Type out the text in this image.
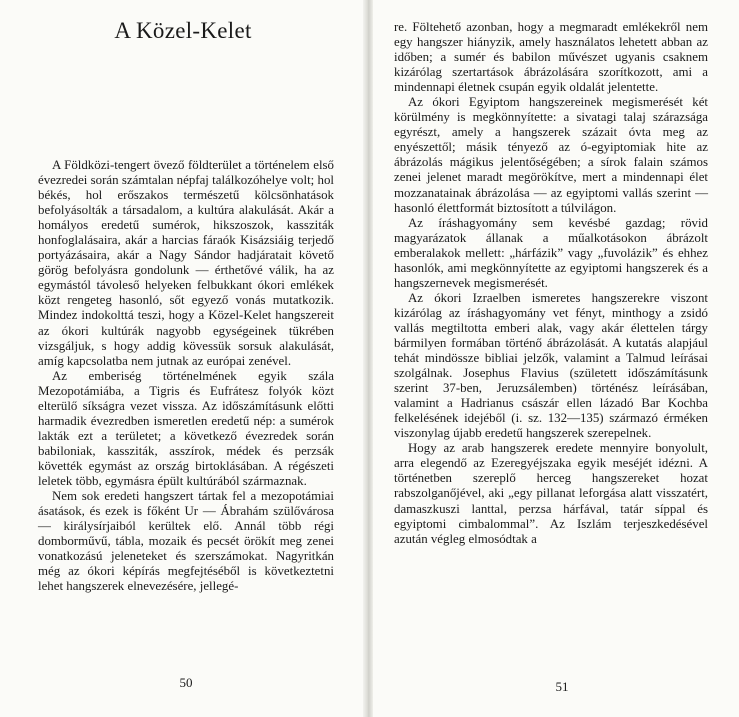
A Közel-Kelet

A Földközi-tengert övező földterület a történelem első évezredei során számtalan népfaj találkozóhelye volt; hol békés, hol erőszakos természetű kölcsönhatások befolyásolták a társadalom, a kultúra alakulását. Akár a homályos eredetű sumérok, hikszoszok, kassziták honfoglalásaira, akár a harcias fáraók Kisázsiáig terjedő portyázásaira, akár a Nagy Sándor hadjáratait követő görög befolyásra gondolunk — érthetővé válik, ha az egymástól távoleső helyeken felbukkant ókori emlékek közt rengeteg hasonló, sőt egyező vonás mutatkozik. Mindez indokolttá teszi, hogy a Közel-Kelet hangszereit az ókori kultúrák nagyobb egységeinek tükrében vizsgáljuk, s hogy addig kövessük sorsuk alakulását, amíg kapcsolatba nem jutnak az európai zenével.

Az emberiség történelmének egyik szála Mezopotámiába, a Tigris és Eufrátesz folyók közt elterülő síkságra vezet vissza. Az időszámításunk előtti harmadik évezredben ismeretlen eredetű nép: a sumérok lakták ezt a területet; a következő évezredek során babiloniak, kassziták, asszírok, médek és perzsák követték egymást az ország birtoklásában. A régészeti leletek több, egymásra épült kultúrából származnak.

Nem sok eredeti hangszert tártak fel a mezopotámiai ásatások, és ezek is főként Ur — Ábrahám szülővárosa — királysírjaiból kerültek elő. Annál több régi domborművű, tábla, mozaik és pecsét örökít meg zenei vonatkozású jeleneteket és szerszámokat. Nagyritkán még az ókori képírás megfejtéséből is következtetni lehet hangszerek elnevezésére, jellegé-

50

re. Föltehető azonban, hogy a megmaradt emlékekről nem egy hangszer hiányzik, amely használatos lehetett abban az időben; a sumér és babilon művészet ugyanis csaknem kizárólag szertartások ábrázolására szorítkozott, ami a mindennapi életnek csupán egyik oldalát jelentette.

Az ókori Egyiptom hangszereinek megismerését két körülmény is megkönnyítette: a sivatagi talaj szárazsága egyrészt, amely a hangszerek százait óvta meg az enyészettől; másik tényező az ó-egyiptomiak hite az ábrázolás mágikus jelentőségében; a sírok falain számos zenei jelenet maradt megörökítve, mert a mindennapi élet mozzanatainak ábrázolása — az egyiptomi vallás szerint — hasonló élettformát biztosított a túlvilágon.

Az íráshagyomány sem kevésbé gazdag; rövid magyarázatok állanak a műalkotásokon ábrázolt emberalakok mellett: „hárfázik” vagy „fuvolázik” és ehhez hasonlók, ami megkönnyítette az egyiptomi hangszerek és a hangszernevek megismerését.

Az ókori Izraelben ismeretes hangszerekre viszont kizárólag az íráshagyomány vet fényt, minthogy a zsidó vallás megtiltotta emberi alak, vagy akár élettelen tárgy bármilyen formában történő ábrázolását. A kutatás alapjául tehát mindössze bibliai jelzők, valamint a Talmud leírásai szolgálnak. Josephus Flavius (született időszámításunk szerint 37-ben, Jeruzsálemben) történész leírásában, valamint a Hadrianus császár ellen lázadó Bar Kochba felkelésének idejéből (i. sz. 132—135) származó érméken viszonylag újabb eredetű hangszerek szerepelnek.

Hogy az arab hangszerek eredete mennyire bonyolult, arra elegendő az Ezeregyéjszaka egyik meséjét idézni. A történetben szereplő herceg hangszereket hozat rabszolganőjével, aki „egy pillanat leforgása alatt visszatért, damaszkuszi lanttal, perzsa hárfával, tatár síppal és egyiptomi cimbalommal”. Az Iszlám terjeszkedésével azután végleg elmosódtak a

51
